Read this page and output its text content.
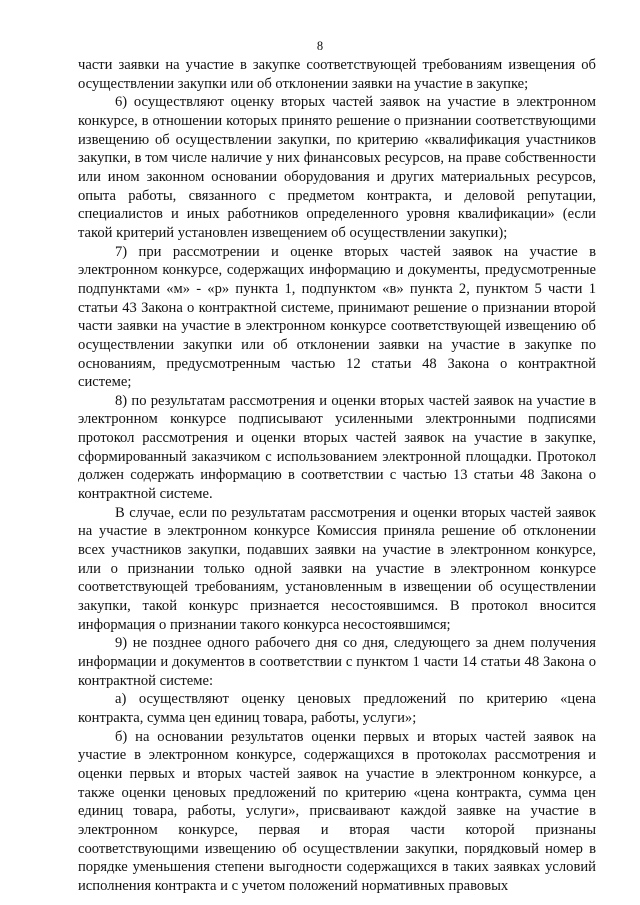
8

части заявки на участие в закупке соответствующей требованиям извещения об осуществлении закупки или об отклонении заявки на участие в закупке;

6) осуществляют оценку вторых частей заявок на участие в электронном конкурсе, в отношении которых принято решение о признании соответствующими извещению об осуществлении закупки, по критерию «квалификация участников закупки, в том числе наличие у них финансовых ресурсов, на праве собственности или ином законном основании оборудования и других материальных ресурсов, опыта работы, связанного с предметом контракта, и деловой репутации, специалистов и иных работников определенного уровня квалификации» (если такой критерий установлен извещением об осуществлении закупки);

7) при рассмотрении и оценке вторых частей заявок на участие в электронном конкурсе, содержащих информацию и документы, предусмотренные подпунктами «м» - «р» пункта 1, подпунктом «в» пункта 2, пунктом 5 части 1 статьи 43 Закона о контрактной системе, принимают решение о признании второй части заявки на участие в электронном конкурсе соответствующей извещению об осуществлении закупки или об отклонении заявки на участие в закупке по основаниям, предусмотренным частью 12 статьи 48 Закона о контрактной системе;

8) по результатам рассмотрения и оценки вторых частей заявок на участие в электронном конкурсе подписывают усиленными электронными подписями протокол рассмотрения и оценки вторых частей заявок на участие в закупке, сформированный заказчиком с использованием электронной площадки. Протокол должен содержать информацию в соответствии с частью 13 статьи 48 Закона о контрактной системе.

В случае, если по результатам рассмотрения и оценки вторых частей заявок на участие в электронном конкурсе Комиссия приняла решение об отклонении всех участников закупки, подавших заявки на участие в электронном конкурсе, или о признании только одной заявки на участие в электронном конкурсе соответствующей требованиям, установленным в извещении об осуществлении закупки, такой конкурс признается несостоявшимся. В протокол вносится информация о признании такого конкурса несостоявшимся;

9) не позднее одного рабочего дня со дня, следующего за днем получения информации и документов в соответствии с пунктом 1 части 14 статьи 48 Закона о контрактной системе:

а) осуществляют оценку ценовых предложений по критерию «цена контракта, сумма цен единиц товара, работы, услуги»;

б) на основании результатов оценки первых и вторых частей заявок на участие в электронном конкурсе, содержащихся в протоколах рассмотрения и оценки первых и вторых частей заявок на участие в электронном конкурсе, а также оценки ценовых предложений по критерию «цена контракта, сумма цен единиц товара, работы, услуги», присваивают каждой заявке на участие в электронном конкурсе, первая и вторая части которой признаны соответствующими извещению об осуществлении закупки, порядковый номер в порядке уменьшения степени выгодности содержащихся в таких заявках условий исполнения контракта и с учетом положений нормативных правовых
